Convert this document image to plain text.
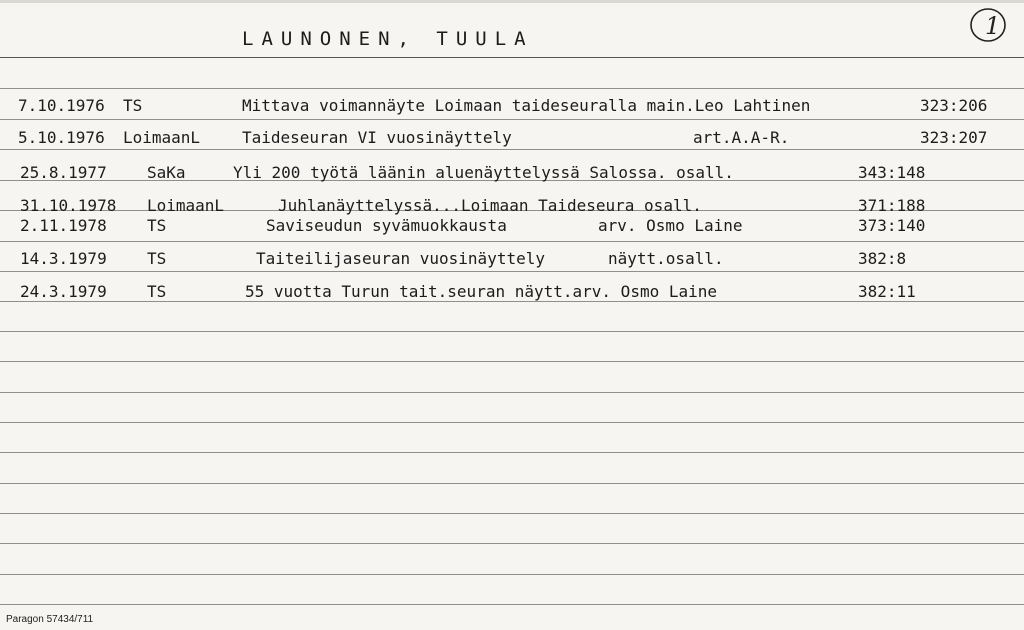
LAUNONEN, TUULA	1
7.10.1976 TS	Mittava voimannäyte Loimaan taideseuralla main.Leo Lahtinen	323:206
5.10.1976 LoimaanL	Taideseuran VI vuosinäyttely	art.A.A-R.	323:207
25.8.1977	SaKa	Yli 200 työtä läänin aluenäyttelyssä Salossa. osall.	343:148
31.10.1978 LoimaanL	Juhlanäyttelyssä...Loimaan Taideseura osall.	371:188
2.11.1978	TS	Saviseudun syvämuokkausta	arv. Osmo Laine	373:140
14.3.1979	TS	Taiteilijaseuran vuosinäyttely	näytt.osall.	382:8
24.3.1979	TS	55 vuotta Turun tait.seuran näytt.arv. Osmo Laine	382:11
Paragon 57434/711
